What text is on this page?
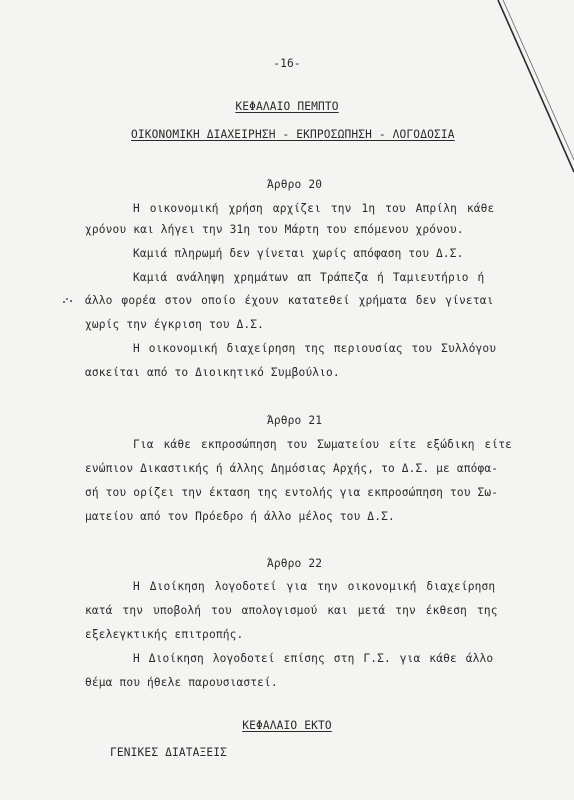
-16-
ΚΕΦΑΛΑΙΟ ΠΕΜΠΤΟ
ΟΙΚΟΝΟΜΙΚΗ ΔΙΑΧΕΙΡΗΣΗ - ΕΚΠΡΟΣΩΠΗΣΗ - ΛΟΓΟΔΟΣΙΑ
Άρθρο 20
Η οικονομική χρήση αρχίζει την 1η του Απρίλη κάθε
χρόνου και λήγει την 31η του Μάρτη του επόμενου χρόνου.
Καμιά πληρωμή δεν γίνεται χωρίς απόφαση του Δ.Σ.
Καμιά ανάληψη χρημάτων απ Τράπεζα ή Ταμιευτήριο ή
άλλο φορέα στον οποίο έχουν κατατεθεί χρήματα δεν γίνεται
χωρίς την έγκριση του Δ.Σ.
Η οικονομική διαχείρηση της περιουσίας του Συλλόγου
ασκείται από το Διοικητικό Συμβούλιο.
Άρθρο 21
Για κάθε εκπροσώπηση του Σωματείου είτε εξώδικη είτε
ενώπιον Δικαστικής ή άλλης Δημόσιας Αρχής, το Δ.Σ. με απόφα-
σή του ορίζει την έκταση της εντολής για εκπροσώπηση του Σω-
ματείου από τον Πρόεδρο ή άλλο μέλος του Δ.Σ.
Άρθρο 22
Η Διοίκηση λογοδοτεί για την οικονομική διαχείρηση
κατά την υποβολή του απολογισμού και μετά την έκθεση της
εξελεγκτικής επιτροπής.
Η Διοίκηση λογοδοτεί επίσης στη Γ.Σ. για κάθε άλλο
θέμα που ήθελε παρουσιαστεί.
ΚΕΦΑΛΑΙΟ ΕΚΤΟ
ΓΕΝΙΚΕΣ ΔΙΑΤΑΞΕΙΣ
